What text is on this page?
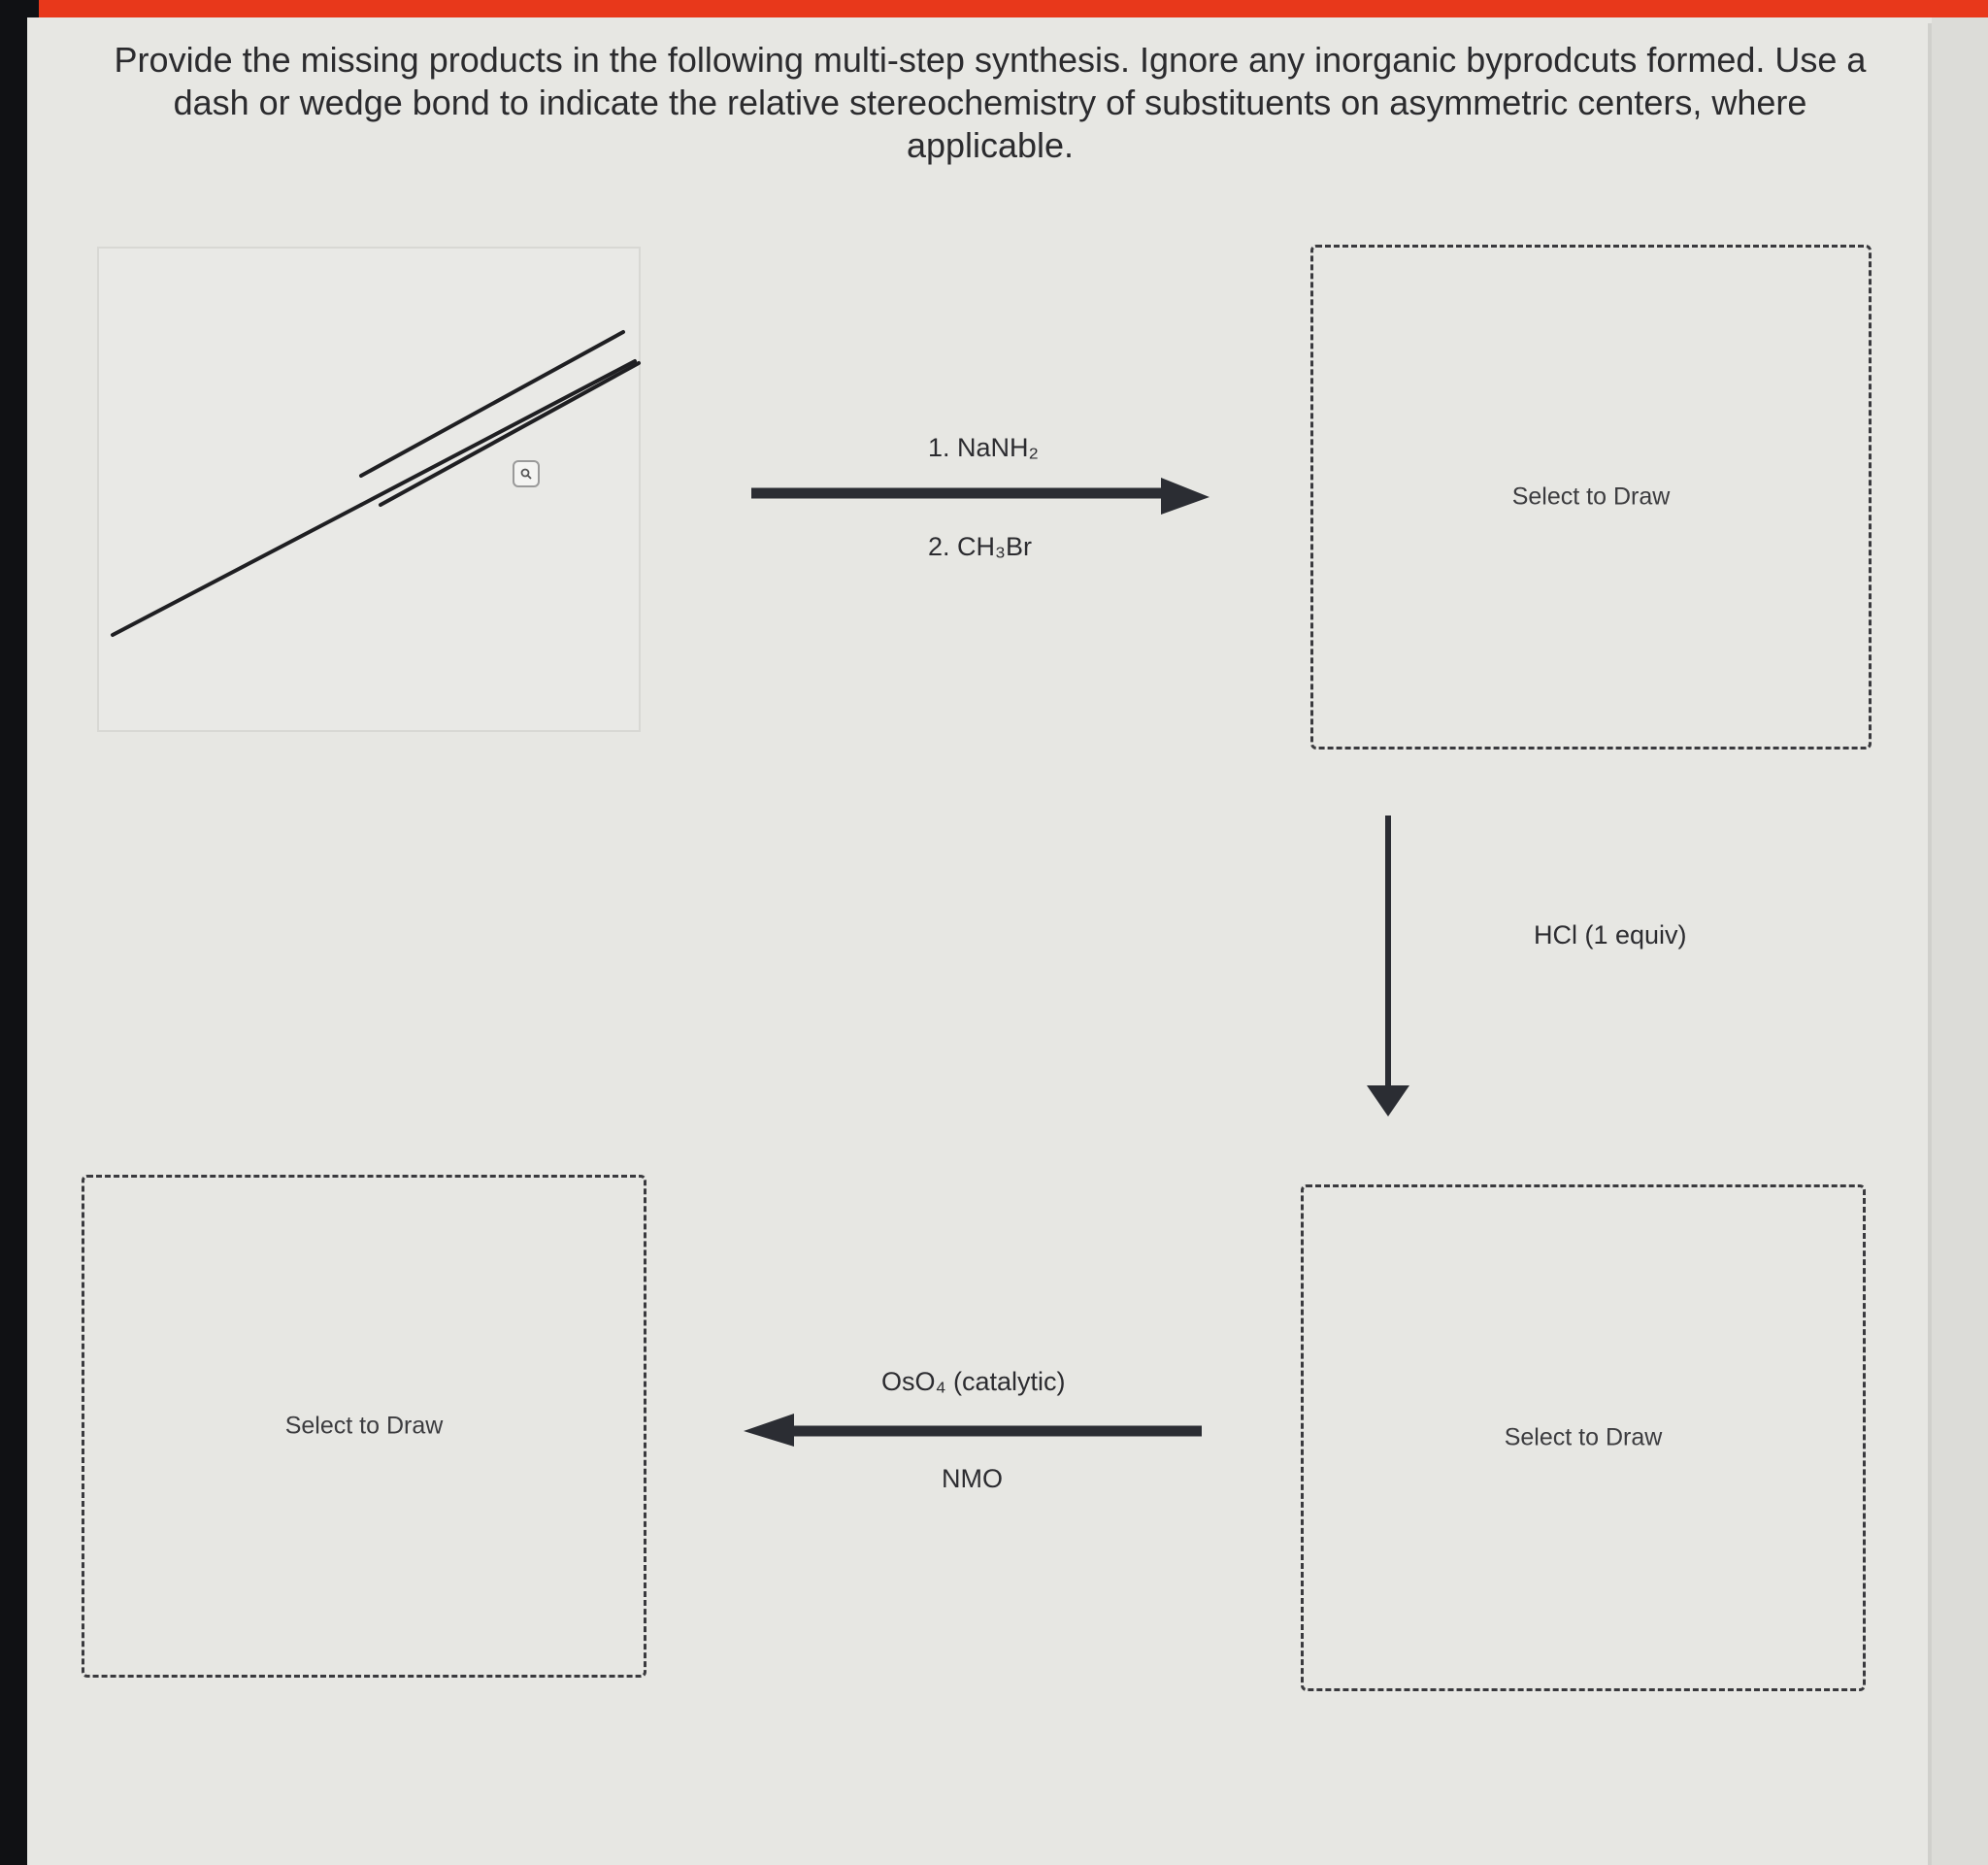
Provide the missing products in the following multi-step synthesis. Ignore any inorganic byprodcuts formed. Use a dash or wedge bond to indicate the relative stereochemistry of substituents on asymmetric centers, where applicable.

1. NaNH₂
2. CH₃Br
HCl (1 equiv)
OsO₄ (catalytic)
NMO
Select to Draw
Select to Draw
Select to Draw
